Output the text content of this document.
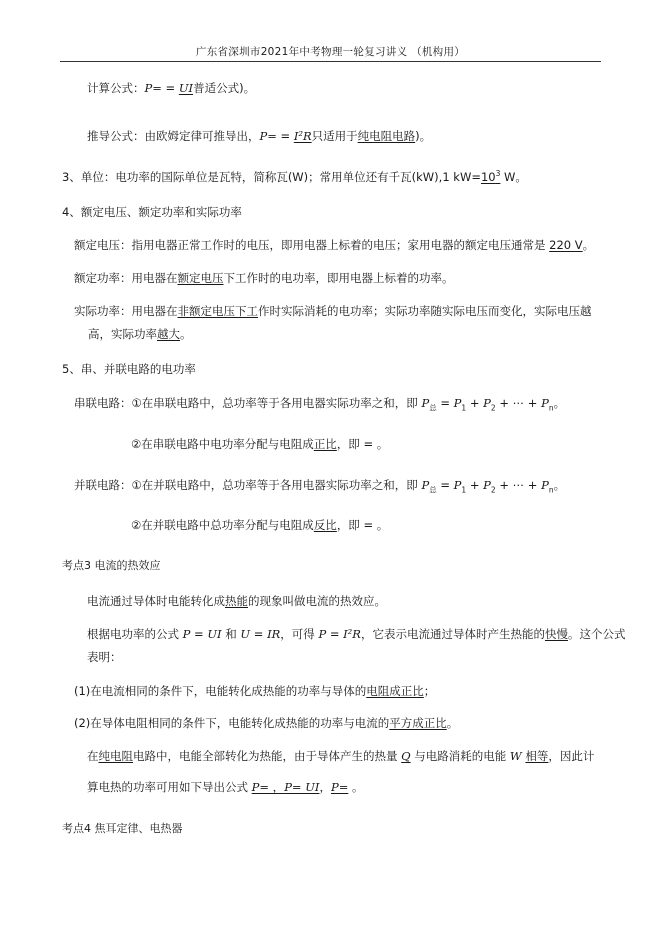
广东省深圳市2021年中考物理一轮复习讲义 （机构用）
计算公式：P= = UI普适公式)。
推导公式：由欧姆定律可推导出，P= = I²R只适用于纯电阻电路)。
3、单位：电功率的国际单位是瓦特，简称瓦(W)；常用单位还有千瓦(kW),1 $kW=10^3$ W。
4、额定电压、额定功率和实际功率
额定电压：指用电器正常工作时的电压，即用电器上标着的电压；家用电器的额定电压通常是 220 V。
额定功率：用电器在额定电压下工作时的电功率，即用电器上标着的功率。
实际功率：用电器在非额定电压下工作时实际消耗的电功率；实际功率随实际电压而变化，实际电压越
高，实际功率越大。
5、串、并联电路的电功率
串联电路：①在串联电路中，总功率等于各用电器实际功率之和，即 $P_总 = P_1 + P_2$ + ⋯ + $P_n$。
②在串联电路中电功率分配与电阻成正比，即 = 。
并联电路：①在并联电路中，总功率等于各用电器实际功率之和，即 $P_总 = P_1 + P_2$ + ⋯ + $P_n$。
②在并联电路中总功率分配与电阻成反比，即 = 。
考点3 电流的热效应
电流通过导体时电能转化成热能的现象叫做电流的热效应。
根据电功率的公式 P = UI 和 U = IR，可得 P = I²R，它表示电流通过导体时产生热能的快慢。这个公式
表明：
(1)在电流相同的条件下，电能转化成热能的功率与导体的电阻成正比；
(2)在导体电阻相同的条件下，电能转化成热能的功率与电流的平方成正比。
在纯电阻电路中，电能全部转化为热能，由于导体产生的热量 Q 与电路消耗的电能 W 相等，因此计
算电热的功率可用如下导出公式 P= ，P= UI，P= 。
考点4 焦耳定律、电热器
